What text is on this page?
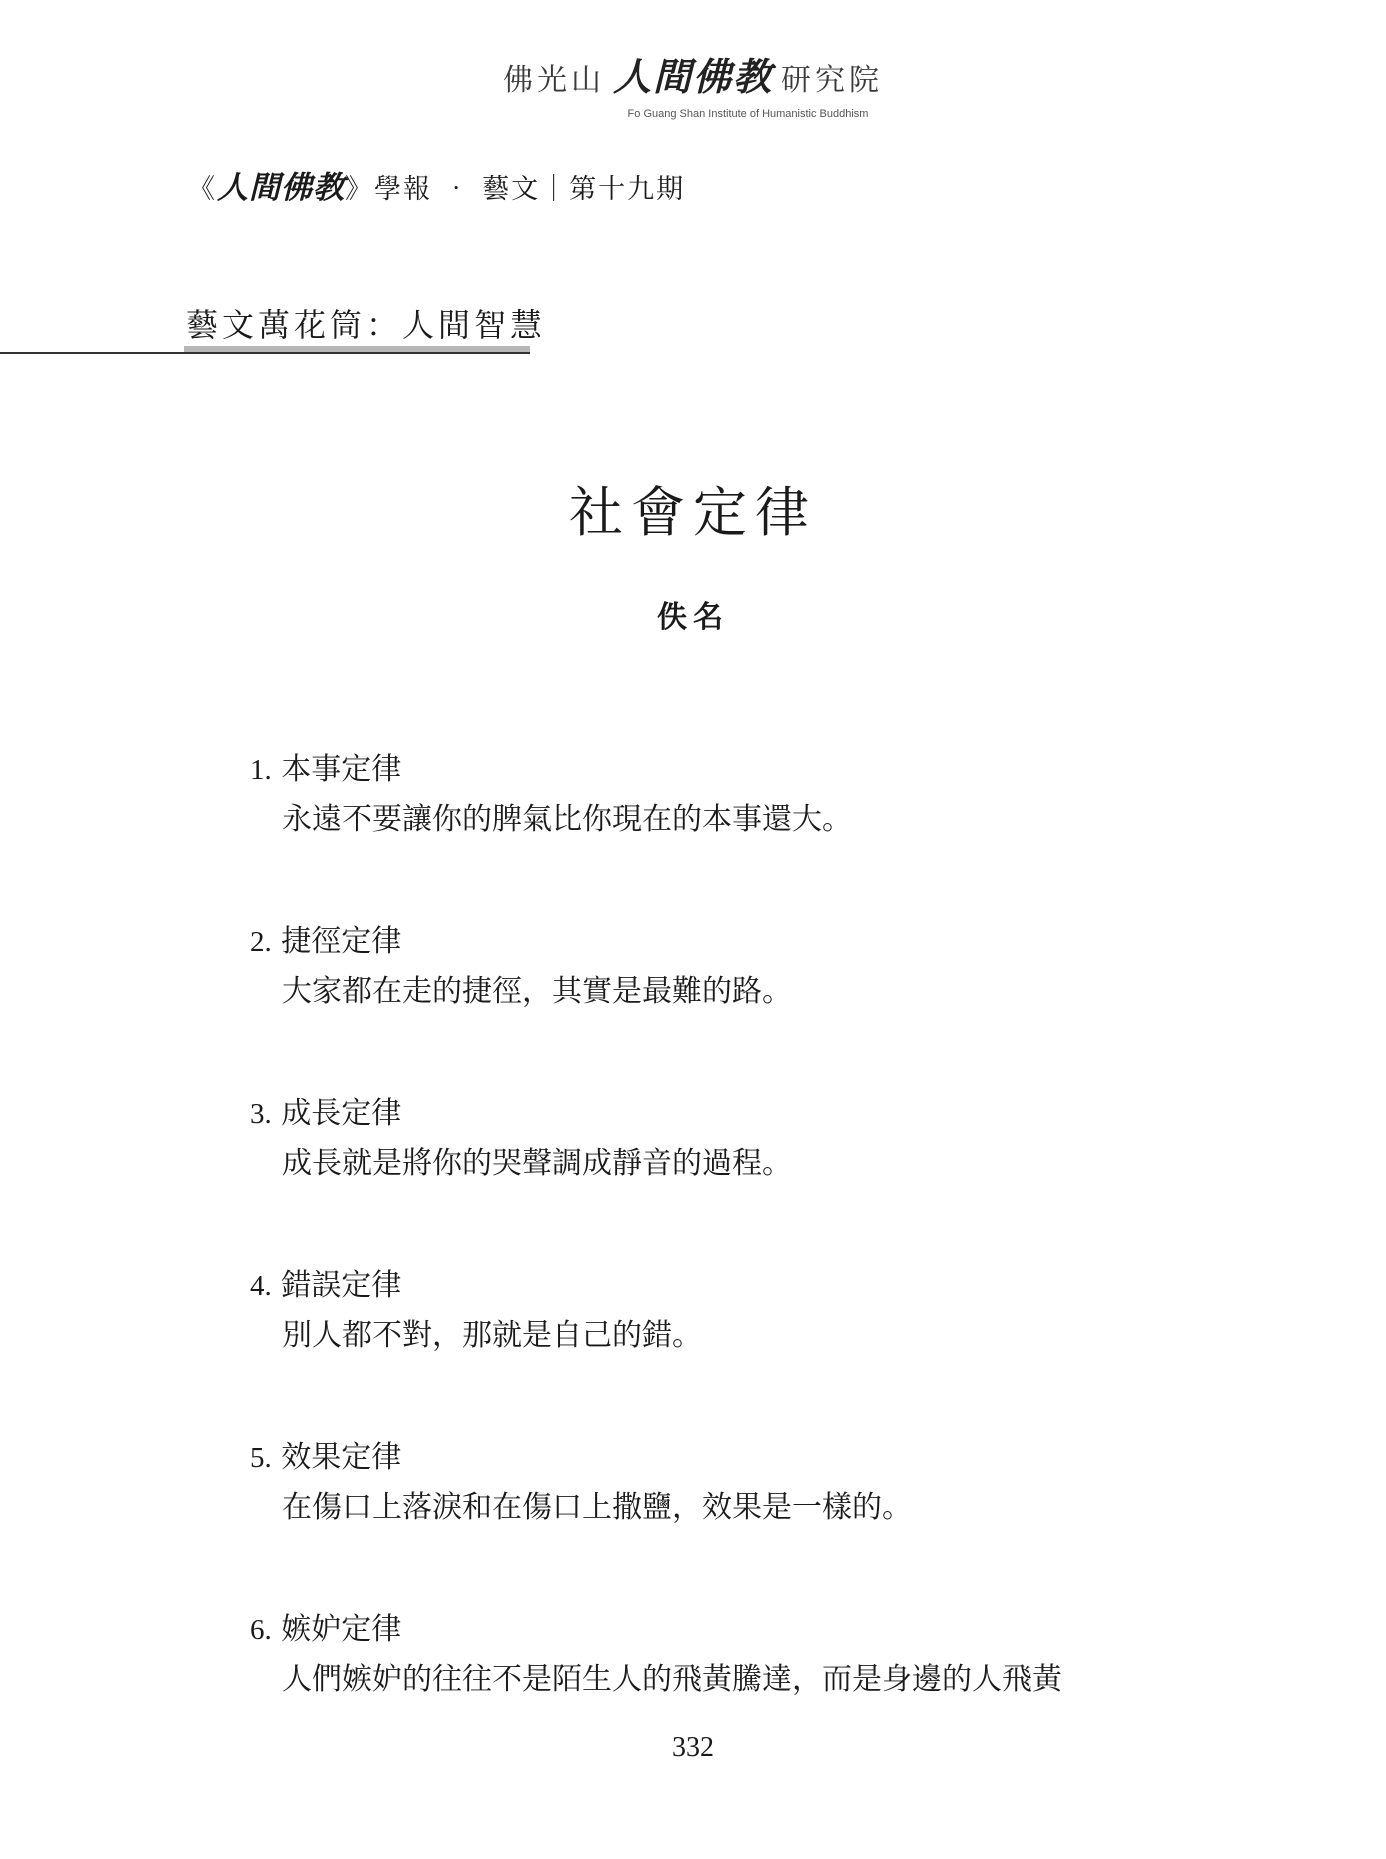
佛光山 人間佛教 研究院
Fo Guang Shan Institute of Humanistic Buddhism
《人間佛教》學報 ‧ 藝文｜第十九期
藝文萬花筒：人間智慧
社會定律
佚名
1. 本事定律
永遠不要讓你的脾氣比你現在的本事還大。
2. 捷徑定律
大家都在走的捷徑，其實是最難的路。
3. 成長定律
成長就是將你的哭聲調成靜音的過程。
4. 錯誤定律
別人都不對，那就是自己的錯。
5. 效果定律
在傷口上落淚和在傷口上撒鹽，效果是一樣的。
6. 嫉妒定律
人們嫉妒的往往不是陌生人的飛黃騰達，而是身邊的人飛黃
332
